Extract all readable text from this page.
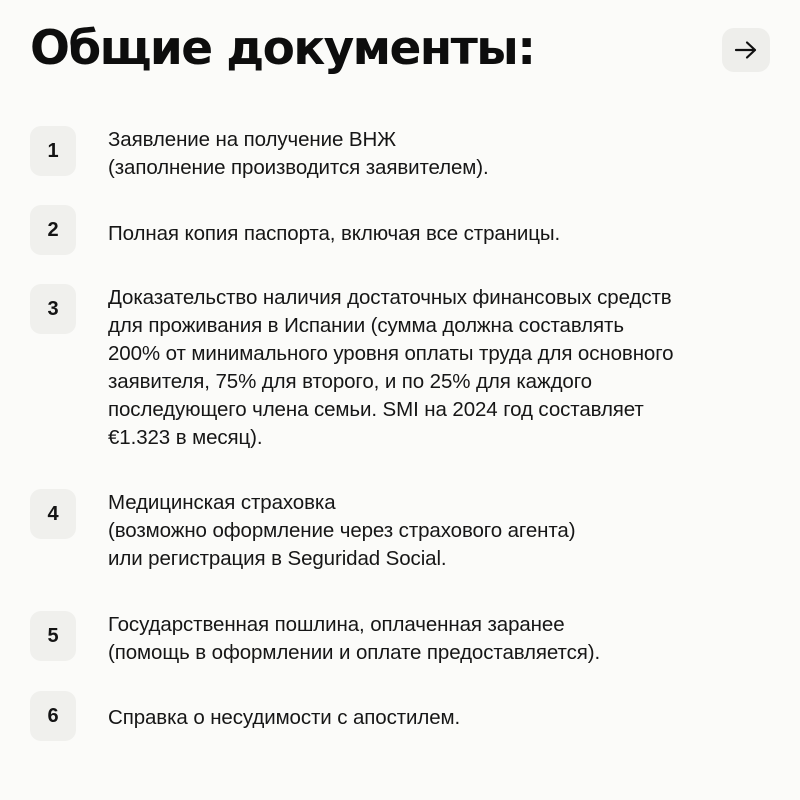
Общие документы:
1	Заявление на получение ВНЖ
(заполнение производится заявителем).

2	Полная копия паспорта, включая все страницы.

3	Доказательство наличия достаточных финансовых средств
для проживания в Испании (сумма должна составлять
200% от минимального уровня оплаты труда для основного
заявителя, 75% для второго, и по 25% для каждого
последующего члена семьи. SMI на 2024 год составляет
€1.323 в месяц).

4	Медицинская страховка
(возможно оформление через страхового агента)
или регистрация в Seguridad Social.

5	Государственная пошлина, оплаченная заранее
(помощь в оформлении и оплате предоставляется).

6	Справка о несудимости с апостилем.
